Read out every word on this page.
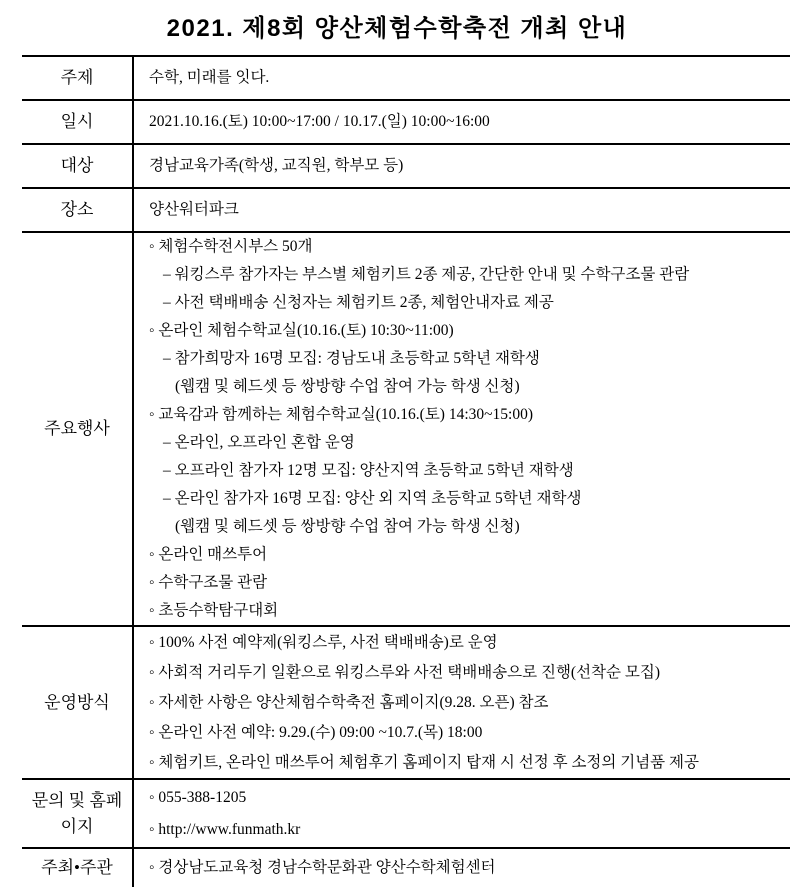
2021. 제8회 양산체험수학축전 개최 안내
주제	수학, 미래를 잇다.

일시	2021.10.16.(토) 10:00~17:00 / 10.17.(일) 10:00~16:00

대상	경남교육가족(학생, 교직원, 학부모 등)

장소	양산워터파크

주요행사	
◦ 체험수학전시부스 50개
– 워킹스루 참가자는 부스별 체험키트 2종 제공, 간단한 안내 및 수학구조물 관람
– 사전 택배배송 신청자는 체험키트 2종, 체험안내자료 제공
◦ 온라인 체험수학교실(10.16.(토) 10:30~11:00)
– 참가희망자 16명 모집: 경남도내 초등학교 5학년 재학생
(웹캠 및 헤드셋 등 쌍방향 수업 참여 가능 학생 신청)
◦ 교육감과 함께하는 체험수학교실(10.16.(토) 14:30~15:00)
– 온라인, 오프라인 혼합 운영
– 오프라인 참가자 12명 모집: 양산지역 초등학교 5학년 재학생
– 온라인 참가자 16명 모집: 양산 외 지역 초등학교 5학년 재학생
(웹캠 및 헤드셋 등 쌍방향 수업 참여 가능 학생 신청)
◦ 온라인 매쓰투어
◦ 수학구조물 관람
◦ 초등수학탐구대회

운영방식	◦ 100% 사전 예약제(워킹스루, 사전 택배배송)로 운영
◦ 사회적 거리두기 일환으로 워킹스루와 사전 택배배송으로 진행(선착순 모집)
◦ 자세한 사항은 양산체험수학축전 홈페이지(9.28. 오픈) 참조
◦ 온라인 사전 예약: 9.29.(수) 09:00 ~10.7.(목) 18:00
◦ 체험키트, 온라인 매쓰투어 체험후기 홈페이지 탑재 시 선정 후 소정의 기념품 제공

문의 및 홈페이지	◦ 055-388-1205
◦ http://www.funmath.kr

주최•주관	◦ 경상남도교육청 경남수학문화관 양산수학체험센터
